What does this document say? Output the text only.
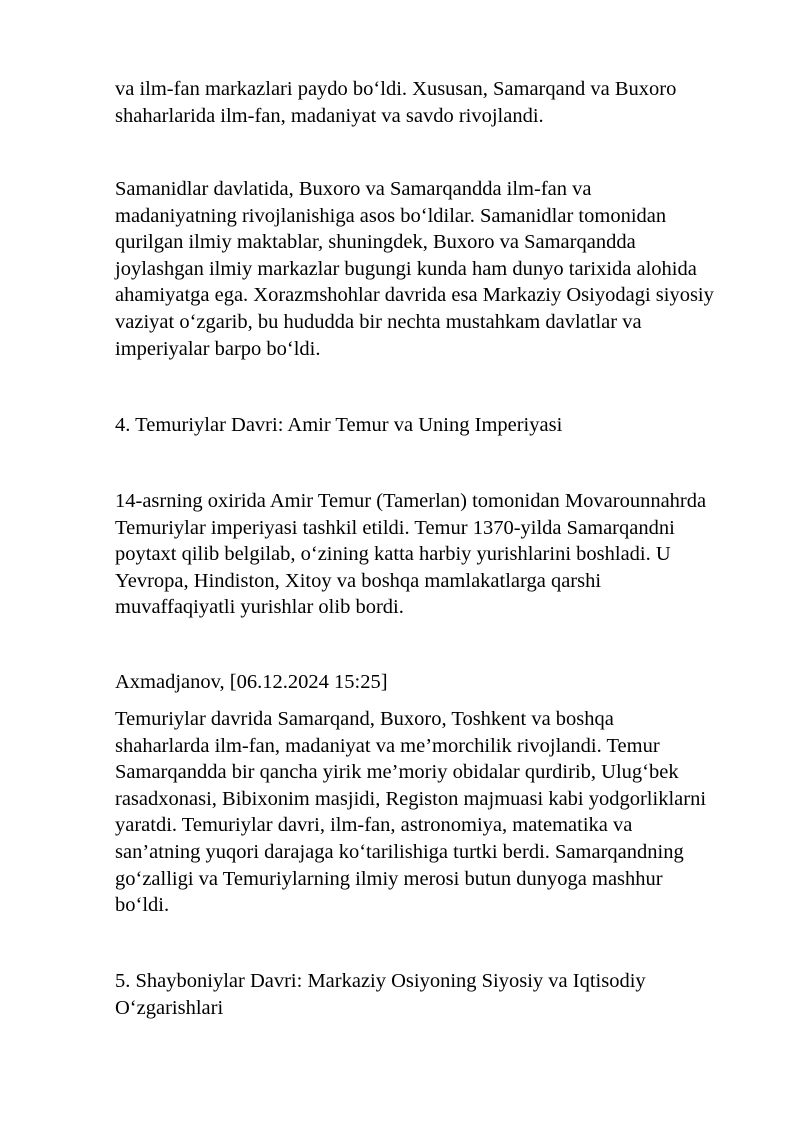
va ilm-fan markazlari paydo bo‘ldi. Xususan, Samarqand va Buxoro
shaharlarida ilm-fan, madaniyat va savdo rivojlandi.

Samanidlar davlatida, Buxoro va Samarqandda ilm-fan va
madaniyatning rivojlanishiga asos bo‘ldilar. Samanidlar tomonidan
qurilgan ilmiy maktablar, shuningdek, Buxoro va Samarqandda
joylashgan ilmiy markazlar bugungi kunda ham dunyo tarixida alohida
ahamiyatga ega. Xorazmshohlar davrida esa Markaziy Osiyodagi siyosiy
vaziyat o‘zgarib, bu hududda bir nechta mustahkam davlatlar va
imperiyalar barpo bo‘ldi.

4. Temuriylar Davri: Amir Temur va Uning Imperiyasi

14-asrning oxirida Amir Temur (Tamerlan) tomonidan Movarounnahrda
Temuriylar imperiyasi tashkil etildi. Temur 1370-yilda Samarqandni
poytaxt qilib belgilab, o‘zining katta harbiy yurishlarini boshladi. U
Yevropa, Hindiston, Xitoy va boshqa mamlakatlarga qarshi
muvaffaqiyatli yurishlar olib bordi.

Axmadjanov, [06.12.2024 15:25]

Temuriylar davrida Samarqand, Buxoro, Toshkent va boshqa
shaharlarda ilm-fan, madaniyat va me’morchilik rivojlandi. Temur
Samarqandda bir qancha yirik me’moriy obidalar qurdirib, Ulug‘bek
rasadxonasi, Bibixonim masjidi, Registon majmuasi kabi yodgorliklarni
yaratdi. Temuriylar davri, ilm-fan, astronomiya, matematika va
san’atning yuqori darajaga ko‘tarilishiga turtki berdi. Samarqandning
go‘zalligi va Temuriylarning ilmiy merosi butun dunyoga mashhur
bo‘ldi.

5. Shayboniylar Davri: Markaziy Osiyoning Siyosiy va Iqtisodiy
O‘zgarishlari
